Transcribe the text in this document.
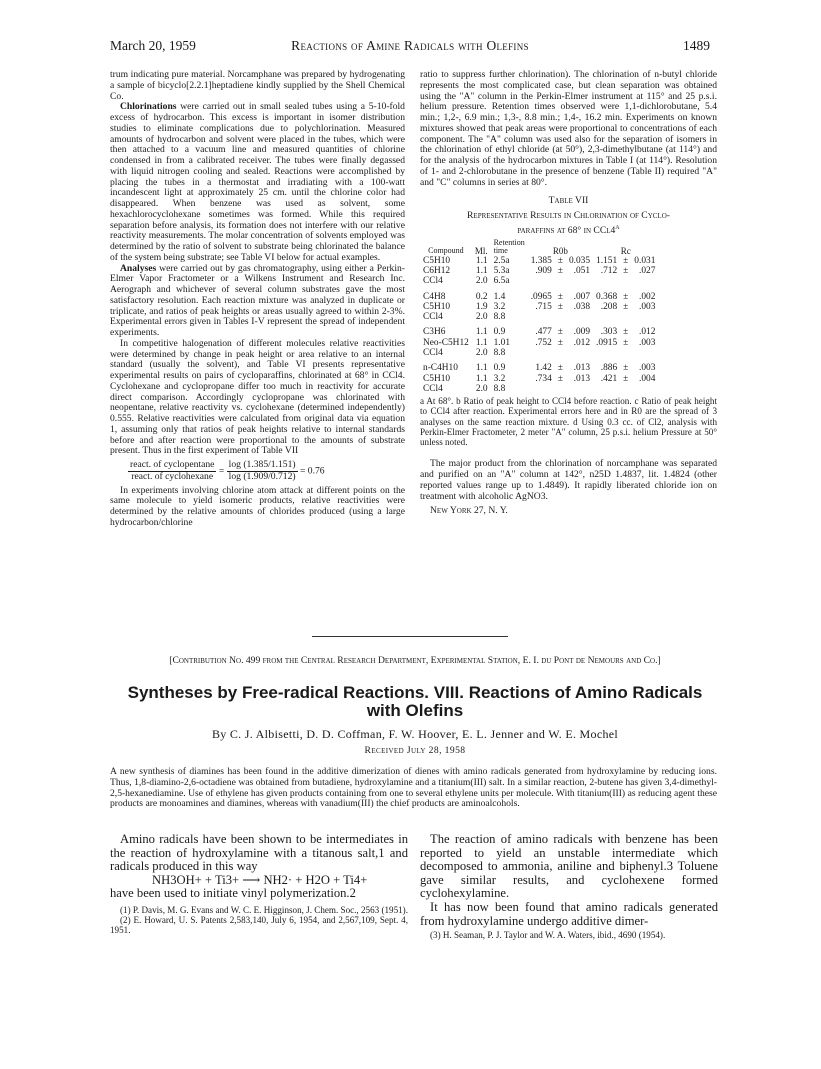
March 20, 1959	Reactions of Amine Radicals with Olefins	1489

trum indicating pure material. Norcamphane was prepared by hydrogenating a sample of bicyclo[2.2.1]heptadiene kindly supplied by the Shell Chemical Co.

Chlorinations were carried out in small sealed tubes using a 5-10-fold excess of hydrocarbon. This excess is important in isomer distribution studies to eliminate complications due to polychlorination. Measured amounts of hydrocarbon and solvent were placed in the tubes, which were then attached to a vacuum line and measured quantities of chlorine condensed in from a calibrated receiver. The tubes were finally degassed with liquid nitrogen cooling and sealed. Reactions were accomplished by placing the tubes in a thermostat and irradiating with a 100-watt incandescent light at approximately 25 cm. until the chlorine color had disappeared. When benzene was used as solvent, some hexachlorocyclohexane sometimes was formed. While this required separation before analysis, its formation does not interfere with our relative reactivity measurements. The molar concentration of solvents employed was determined by the ratio of solvent to substrate being chlorinated the balance of the system being substrate; see Table VI below for actual examples.

Analyses were carried out by gas chromatography, using either a Perkin-Elmer Vapor Fractometer or a Wilkens Instrument and Research Inc. Aerograph and whichever of several column substrates gave the most satisfactory resolution. Each reaction mixture was analyzed in duplicate or triplicate, and ratios of peak heights or areas usually agreed to within 2-3%. Experimental errors given in Tables I-V represent the spread of independent experiments.

In competitive halogenation of different molecules relative reactivities were determined by change in peak height or area relative to an internal standard (usually the solvent), and Table VI presents representative experimental results on pairs of cycloparaffins, chlorinated at 68° in CCl4. Cyclohexane and cyclopropane differ too much in reactivity for accurate direct comparison. Accordingly cyclopropane was chlorinated with neopentane, relative reactivity vs. cyclohexane (determined independently) 0.555. Relative reactivities were calculated from original data via equation 1, assuming only that ratios of peak heights relative to internal standards before and after reaction were proportional to the amounts of substrate present. Thus in the first experiment of Table VII

$\frac{\text{react. of cyclopentane}}{\text{react. of cyclohexane}} = \frac{\log (1.385/1.151)}{\log (1.909/0.712)} = 0.76$

In experiments involving chlorine atom attack at different points on the same molecule to yield isomeric products, relative reactivities were determined by the relative amounts of chlorides produced (using a large hydrocarbon/chlorine

ratio to suppress further chlorination). The chlorination of n-butyl chloride represents the most complicated case, but clean separation was obtained using the "A" column in the Perkin-Elmer instrument at 115° and 25 p.s.i. helium pressure. Retention times observed were 1,1-dichlorobutane, 5.4 min.; 1,2-, 6.9 min.; 1,3-, 8.8 min.; 1,4-, 16.2 min. Experiments on known mixtures showed that peak areas were proportional to concentrations of each component. The "A" column was used also for the separation of isomers in the chlorination of ethyl chloride (at 50°), 2,3-dimethylbutane (at 114°) and for the analysis of the hydrocarbon mixtures in Table I (at 114°). Resolution of 1- and 2-chlorobutane in the presence of benzene (Table II) required "A" and "C" columns in series at 80°.

Table VII
Representative Results in Chlorination of Cyclo-
paraffins at 68° in CCl4$^a$
Compound	Ml.	Retention time	R0b			Rc		
C5H10	1.1	2.5a	1.385	±	0.035	1.151	±	0.031
C6H12	1.1	5.3a	.909	±	.051	.712	±	.027
CCl4	2.0	6.5a						
C4H8	0.2	1.4	.0965	±	.007	0.368	±	.002
C5H10	1.9	3.2	.715	±	.038	.208	±	.003
CCl4	2.0	8.8						
C3H6	1.1	0.9	.477	±	.009	.303	±	.012
Neo-C5H12	1.1	1.01	.752	±	.012	.0915	±	.003
CCl4	2.0	8.8						
n-C4H10	1.1	0.9	1.42	±	.013	.886	±	.003
C5H10	1.1	3.2	.734	±	.013	.421	±	.004
CCl4	2.0	8.8						

a At 68°. b Ratio of peak height to CCl4 before reaction. c Ratio of peak height to CCl4 after reaction. Experimental errors here and in R0 are the spread of 3 analyses on the same reaction mixture. d Using 0.3 cc. of Cl2, analysis with Perkin-Elmer Fractometer, 2 meter "A" column, 25 p.s.i. helium Pressure at 50° unless noted.

The major product from the chlorination of norcamphane was separated and purified on an "A" column at 142°, n25D 1.4837, lit. 1.4824 (other reported values range up to 1.4849). It rapidly liberated chloride ion on treatment with alcoholic AgNO3.

New York 27, N. Y.

[Contribution No. 499 from the Central Research Department, Experimental Station, E. I. du Pont de Nemours and Co.]
Syntheses by Free-radical Reactions. VIII. Reactions of Amino Radicals with Olefins
By C. J. Albisetti, D. D. Coffman, F. W. Hoover, E. L. Jenner and W. E. Mochel
Received July 28, 1958
A new synthesis of diamines has been found in the additive dimerization of dienes with amino radicals generated from hydroxylamine by reducing ions. Thus, 1,8-diamino-2,6-octadiene was obtained from butadiene, hydroxylamine and a titanium(III) salt. In a similar reaction, 2-butene has given 3,4-dimethyl-2,5-hexanediamine. Use of ethylene has given products containing from one to several ethylene units per molecule. With titanium(III) as reducing agent these products are monoamines and diamines, whereas with vanadium(III) the chief products are aminoalcohols.

Amino radicals have been shown to be intermediates in the reaction of hydroxylamine with a titanous salt,1 and radicals produced in this way

NH3OH+ + Ti3+ ⟶ NH2· + H2O + Ti4+

have been used to initiate vinyl polymerization.2

(1) P. Davis, M. G. Evans and W. C. E. Higginson, J. Chem. Soc., 2563 (1951).

(2) E. Howard, U. S. Patents 2,583,140, July 6, 1954, and 2,567,109, Sept. 4, 1951.

The reaction of amino radicals with benzene has been reported to yield an unstable intermediate which decomposed to ammonia, aniline and biphenyl.3 Toluene gave similar results, and cyclohexene formed cyclohexylamine.

It has now been found that amino radicals generated from hydroxylamine undergo additive dimer-

(3) H. Seaman, P. J. Taylor and W. A. Waters, ibid., 4690 (1954).
